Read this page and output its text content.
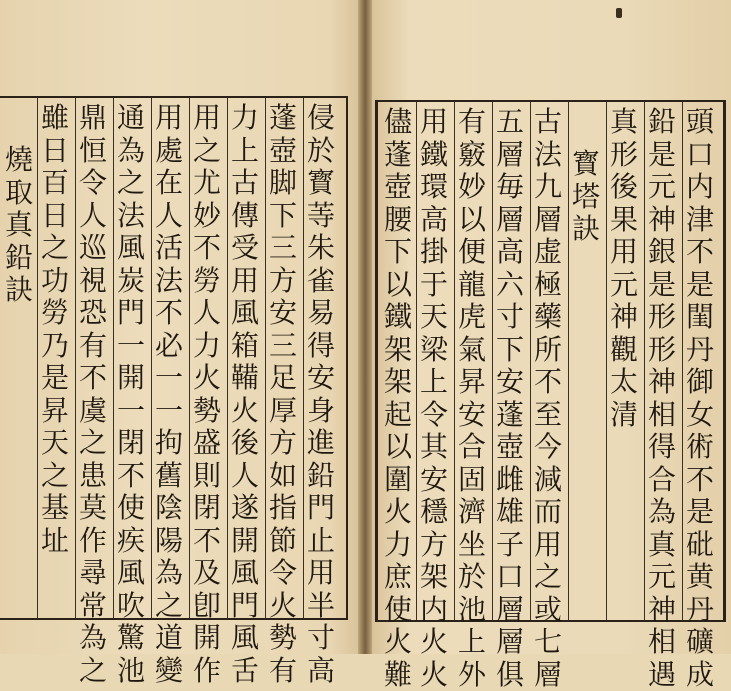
侵
於
寳
䓁
朱
雀
易
得
安
身
進
鉛
門
止
用
半
寸
高
蓬
壺
脚
下
三
方
安
三
足
厚
方
如
指
節
令
火
勢
有
力
上
古
傳
受
用
風
箱
鞴
火
後
人
遂
開
風
門
風
舌
用
之
尤
妙
不
勞
人
力
火
勢
盛
則
閉
不
及
卽
開
作
用
處
在
人
活
法
不
必
一
一
拘
舊
陰
陽
為
之
道
變
通
為
之
法
風
炭
門
一
開
一
閉
不
使
疾
風
吹
驚
池
鼎
恒
令
人
巡
視
恐
有
不
虞
之
患
莫
作
尋
常
為
之
雖
日
百
日
之
功
勞
乃
是
昇
天
之
基
址
燒
取
真
鉛
訣
頭
口
内
津
不
是
閨
丹
御
女
術
不
是
砒
黄
丹
礦
成
鉛
是
元
神
銀
是
形
形
神
相
得
合
為
真
元
神
相
遇
真
形
後
果
用
元
神
觀
太
清
寳
塔
訣
古
法
九
層
虚
極
藥
所
不
至
今
減
而
用
之
或
七
層
五
層
毎
層
高
六
寸
下
安
蓬
壺
雌
雄
子
口
層
層
俱
有
竅
妙
以
便
龍
虎
氣
昇
安
合
固
濟
坐
於
池
上
外
用
鐵
環
高
掛
于
天
梁
上
令
其
安
穩
方
架
内
火
火
儘
蓬
壺
腰
下
以
鐵
架
架
起
以
圍
火
力
庶
使
火
難
